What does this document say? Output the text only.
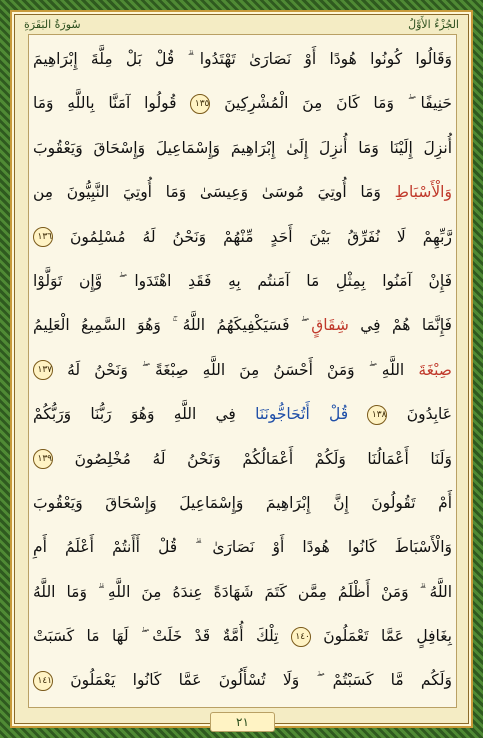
الجُزْءُ الأَوَّلُ
سُورَةُ البَقَرَةِ
وَقَالُوا كُونُوا هُودًا أَوْ نَصَارَىٰ تَهْتَدُوا ۗ قُلْ بَلْ مِلَّةَ إِبْرَاهِيمَ
حَنِيفًا ۖ وَمَا كَانَ مِنَ الْمُشْرِكِينَ ١٣٥ قُولُوا آمَنَّا بِاللَّهِ وَمَا
أُنزِلَ إِلَيْنَا وَمَا أُنزِلَ إِلَىٰ إِبْرَاهِيمَ وَإِسْمَاعِيلَ وَإِسْحَاقَ وَيَعْقُوبَ
وَالْأَسْبَاطِ وَمَا أُوتِيَ مُوسَىٰ وَعِيسَىٰ وَمَا أُوتِيَ النَّبِيُّونَ مِن
رَّبِّهِمْ لَا نُفَرِّقُ بَيْنَ أَحَدٍ مِّنْهُمْ وَنَحْنُ لَهُ مُسْلِمُونَ ١٣٦
فَإِنْ آمَنُوا بِمِثْلِ مَا آمَنتُم بِهِ فَقَدِ اهْتَدَوا ۖ وَّإِن تَوَلَّوْا
فَإِنَّمَا هُمْ فِي شِقَاقٍ ۖ فَسَيَكْفِيكَهُمُ اللَّهُ ۚ وَهُوَ السَّمِيعُ الْعَلِيمُ
صِبْغَةَ اللَّهِ ۖ وَمَنْ أَحْسَنُ مِنَ اللَّهِ صِبْغَةً ۖ وَنَحْنُ لَهُ ١٣٧
عَابِدُونَ ١٣٨ قُلْ أَتُحَاجُّونَنَا فِي اللَّهِ وَهُوَ رَبُّنَا وَرَبُّكُمْ
وَلَنَا أَعْمَالُنَا وَلَكُمْ أَعْمَالُكُمْ وَنَحْنُ لَهُ مُخْلِصُونَ ١٣٩
أَمْ تَقُولُونَ إِنَّ إِبْرَاهِيمَ وَإِسْمَاعِيلَ وَإِسْحَاقَ وَيَعْقُوبَ
وَالْأَسْبَاطَ كَانُوا هُودًا أَوْ نَصَارَىٰ ۗ قُلْ أَأَنتُمْ أَعْلَمُ أَمِ
اللَّهُ ۗ وَمَنْ أَظْلَمُ مِمَّن كَتَمَ شَهَادَةً عِندَهُ مِنَ اللَّهِ ۗ وَمَا اللَّهُ
بِغَافِلٍ عَمَّا تَعْمَلُونَ ١٤٠ تِلْكَ أُمَّةٌ قَدْ خَلَتْ ۖ لَهَا مَا كَسَبَتْ
وَلَكُم مَّا كَسَبْتُمْ ۖ وَلَا تُسْأَلُونَ عَمَّا كَانُوا يَعْمَلُونَ ١٤١
٢١
